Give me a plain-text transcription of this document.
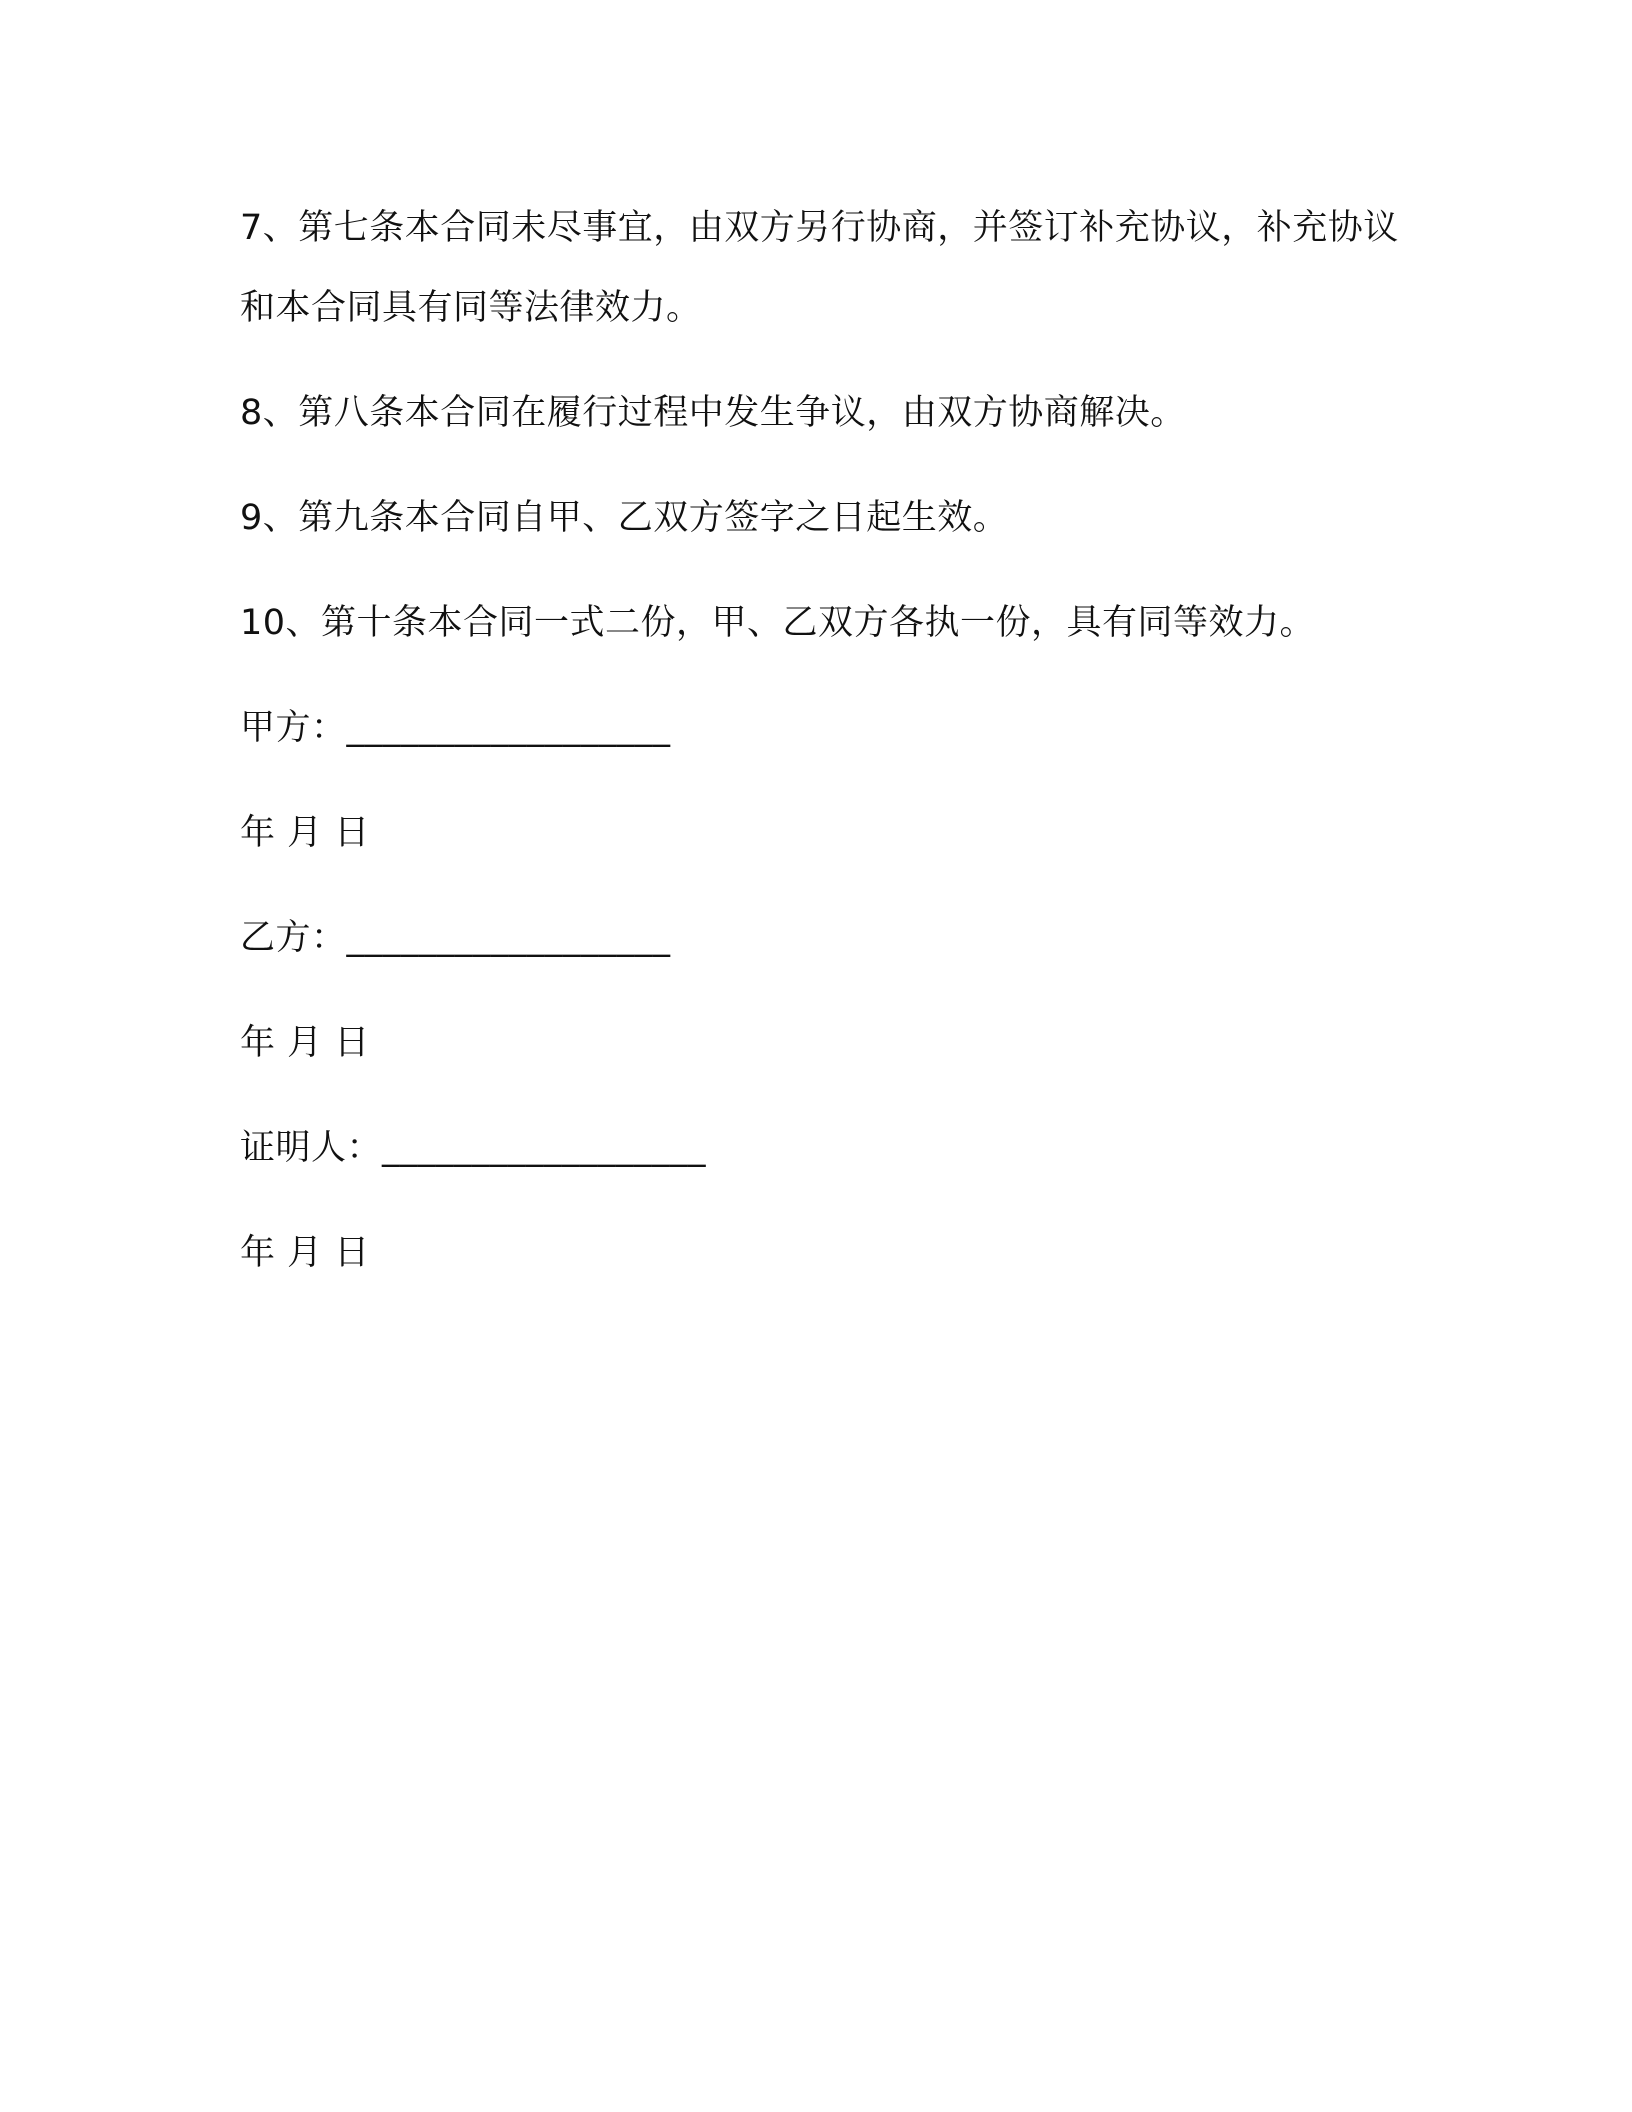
7、第七条本合同未尽事宜，由双方另行协商，并签订补充协议，补充协议和本合同具有同等法律效力。

8、第八条本合同在履行过程中发生争议，由双方协商解决。

9、第九条本合同自甲、乙双方签字之日起生效。

10、第十条本合同一式二份，甲、乙双方各执一份，具有同等效力。

甲方：__________________

年 月 日

乙方：__________________

年 月 日

证明人：__________________

年 月 日
